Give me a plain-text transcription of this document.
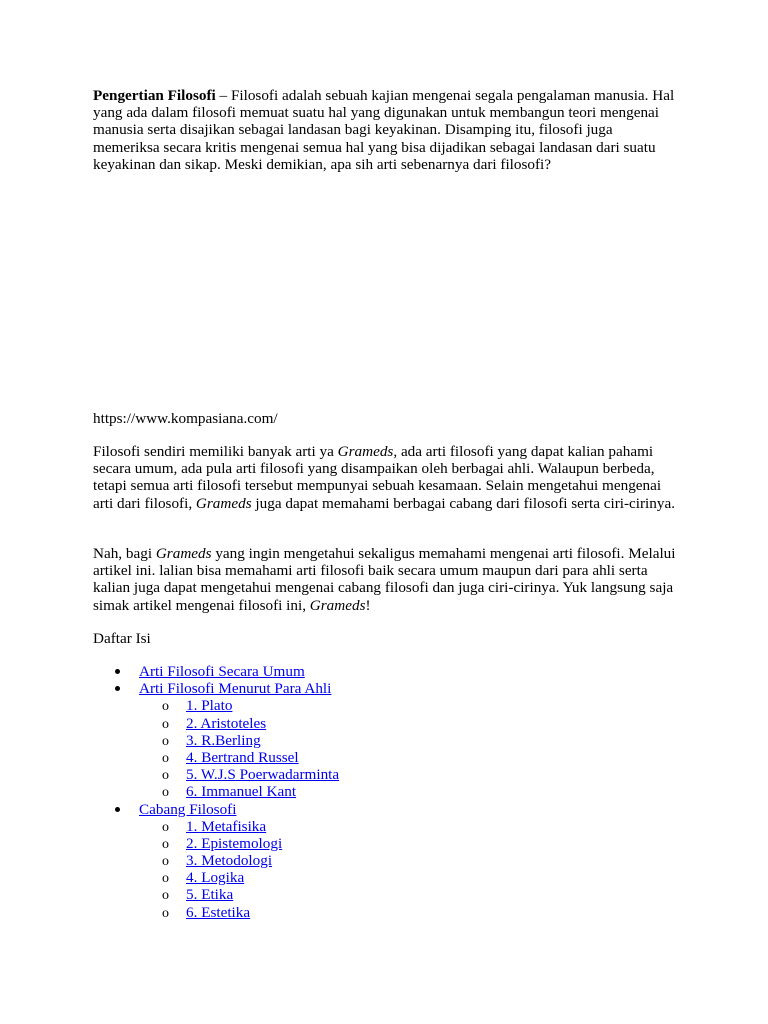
Pengertian Filosofi – Filosofi adalah sebuah kajian mengenai segala pengalaman manusia. Hal yang ada dalam filosofi memuat suatu hal yang digunakan untuk membangun teori mengenai manusia serta disajikan sebagai landasan bagi keyakinan. Disamping itu, filosofi juga memeriksa secara kritis mengenai semua hal yang bisa dijadikan sebagai landasan dari suatu keyakinan dan sikap. Meski demikian, apa sih arti sebenarnya dari filosofi?

https://www.kompasiana.com/

Filosofi sendiri memiliki banyak arti ya Grameds, ada arti filosofi yang dapat kalian pahami secara umum, ada pula arti filosofi yang disampaikan oleh berbagai ahli. Walaupun berbeda, tetapi semua arti filosofi tersebut mempunyai sebuah kesamaan. Selain mengetahui mengenai arti dari filosofi, Grameds juga dapat memahami berbagai cabang dari filosofi serta ciri-cirinya.

Nah, bagi Grameds yang ingin mengetahui sekaligus memahami mengenai arti filosofi. Melalui artikel ini. lalian bisa memahami arti filosofi baik secara umum maupun dari para ahli serta kalian juga dapat mengetahui mengenai cabang filosofi dan juga ciri-cirinya. Yuk langsung saja simak artikel mengenai filosofi ini, Grameds!

Daftar Isi

Arti Filosofi Secara Umum
Arti Filosofi Menurut Para Ahli
o 1. Plato
o 2. Aristoteles
o 3. R.Berling
o 4. Bertrand Russel
o 5. W.J.S Poerwadarminta
o 6. Immanuel Kant
Cabang Filosofi
o 1. Metafisika
o 2. Epistemologi
o 3. Metodologi
o 4. Logika
o 5. Etika
o 6. Estetika
